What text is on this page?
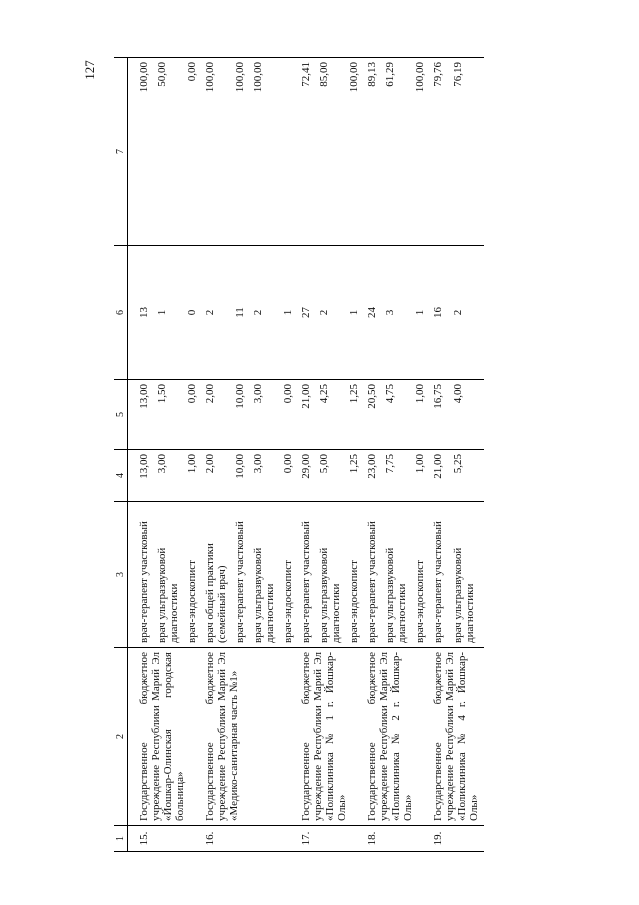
127
1	2	3	4	5	6	7

15.	Государственное бюджетное учреждение Республики Марий Эл «Йошкар-Олинская городская больница»	врач-терапевт участковый	13,00	13,00	13	100,00
		врач ультразвуковой диагностики	3,00	1,50	1	50,00
		врач-эндоскопист	1,00	0,00	0	0,00
16.	Государственное бюджетное учреждение Республики Марий Эл «Медико-санитарная часть №1»	врач общей практики (семейный врач)	2,00	2,00	2	100,00
		врач-терапевт участковый	10,00	10,00	11	100,00
		врач ультразвуковой диагностики	3,00	3,00	2	100,00
		врач-эндоскопист	0,00	0,00	1	
17.	Государственное бюджетное учреждение Республики Марий Эл «Поликлиника № 1 г. Йошкар-Олы»	врач-терапевт участковый	29,00	21,00	27	72,41
		врач ультразвуковой диагностики	5,00	4,25	2	85,00
		врач-эндоскопист	1,25	1,25	1	100,00
18.	Государственное бюджетное учреждение Республики Марий Эл «Поликлиника № 2 г. Йошкар-Олы»	врач-терапевт участковый	23,00	20,50	24	89,13
		врач ультразвуковой диагностики	7,75	4,75	3	61,29
		врач-эндоскопист	1,00	1,00	1	100,00
19.	Государственное бюджетное учреждение Республики Марий Эл «Поликлиника № 4 г. Йошкар-Олы»	врач-терапевт участковый	21,00	16,75	16	79,76
		врач ультразвуковой диагностики	5,25	4,00	2	76,19
